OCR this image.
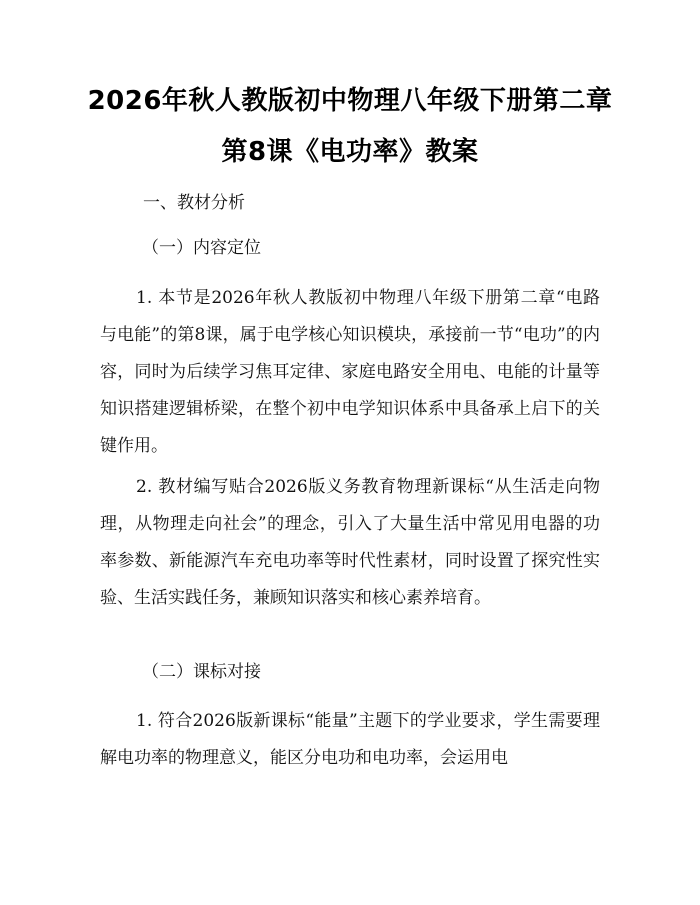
2026年秋人教版初中物理八年级下册第二章
第8课《电功率》教案
一、教材分析
（一）内容定位

1. 本节是2026年秋人教版初中物理八年级下册第二章“电路与电能”的第8课，属于电学核心知识模块，承接前一节“电功”的内容，同时为后续学习焦耳定律、家庭电路安全用电、电能的计量等知识搭建逻辑桥梁，在整个初中电学知识体系中具备承上启下的关键作用。

2. 教材编写贴合2026版义务教育物理新课标“从生活走向物理，从物理走向社会”的理念，引入了大量生活中常见用电器的功率参数、新能源汽车充电功率等时代性素材，同时设置了探究性实验、生活实践任务，兼顾知识落实和核心素养培育。

（二）课标对接

1. 符合2026版新课标“能量”主题下的学业要求，学生需要理解电功率的物理意义，能区分电功和电功率，会运用电
